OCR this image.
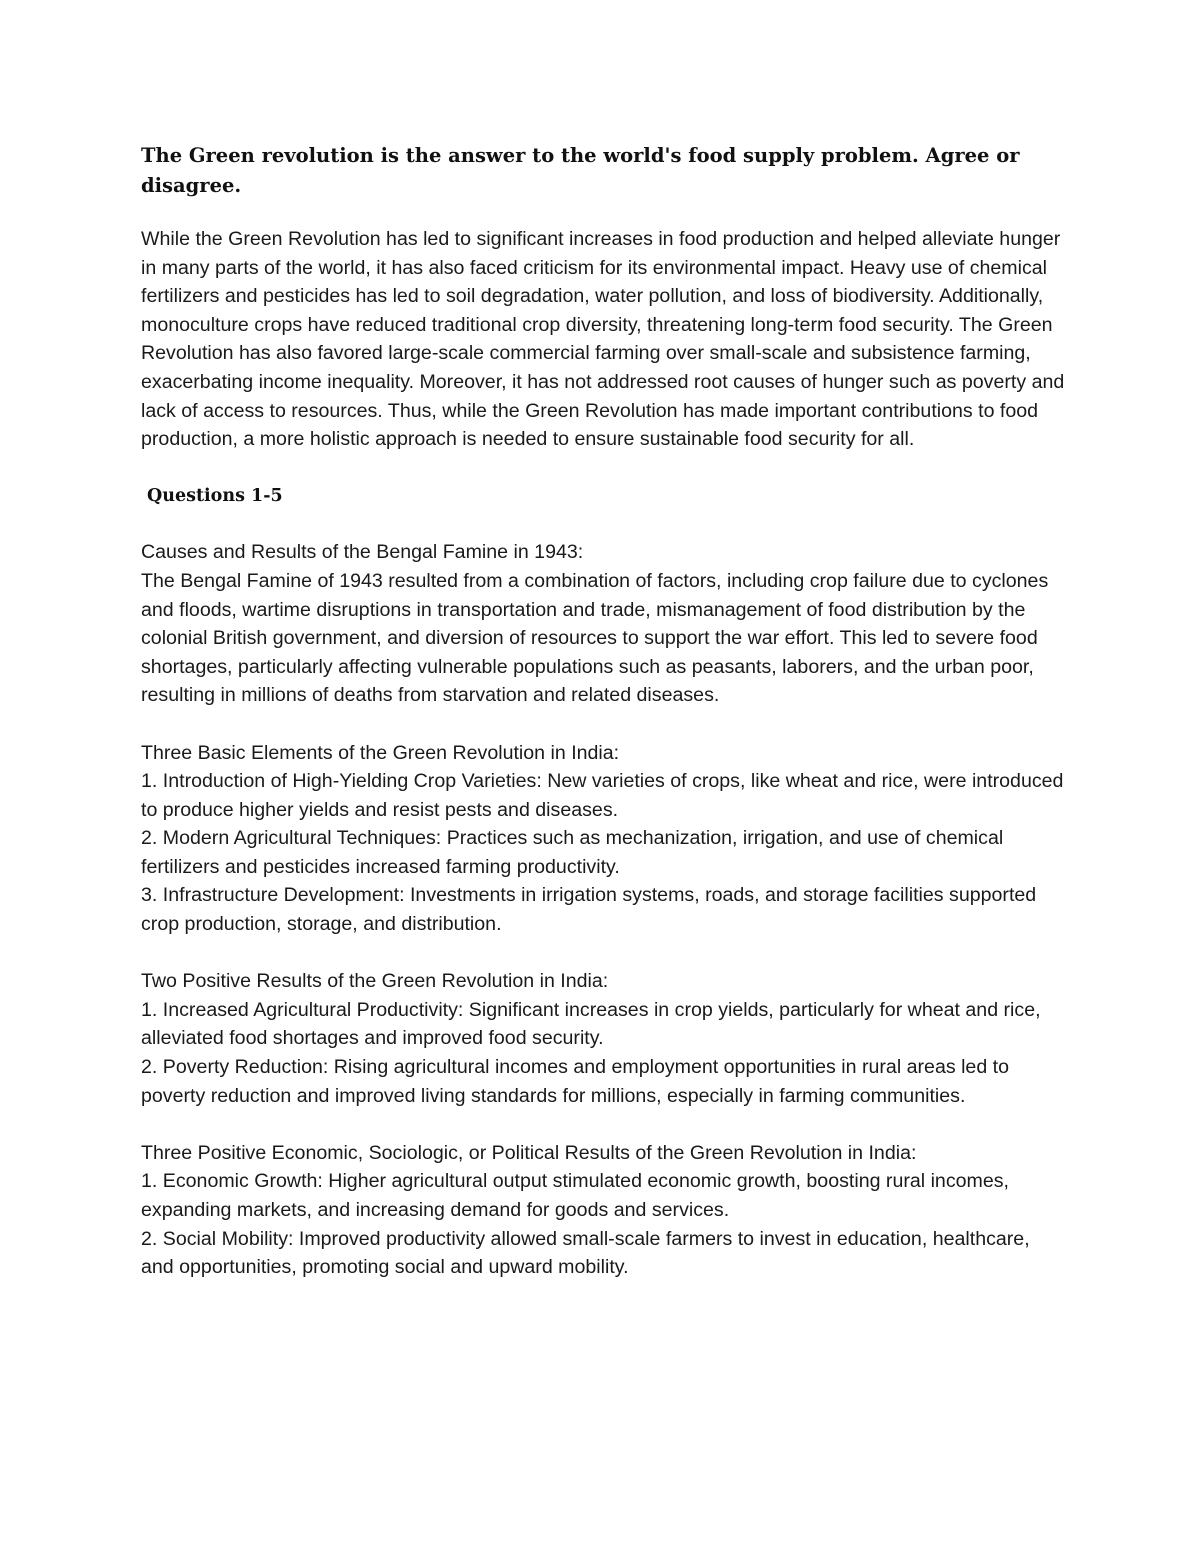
The Green revolution is the answer to the world's food supply problem. Agree or disagree.

While the Green Revolution has led to significant increases in food production and helped alleviate hunger in many parts of the world, it has also faced criticism for its environmental impact. Heavy use of chemical fertilizers and pesticides has led to soil degradation, water pollution, and loss of biodiversity. Additionally, monoculture crops have reduced traditional crop diversity, threatening long-term food security. The Green Revolution has also favored large-scale commercial farming over small-scale and subsistence farming, exacerbating income inequality. Moreover, it has not addressed root causes of hunger such as poverty and lack of access to resources. Thus, while the Green Revolution has made important contributions to food production, a more holistic approach is needed to ensure sustainable food security for all.

Questions 1-5

Causes and Results of the Bengal Famine in 1943:

The Bengal Famine of 1943 resulted from a combination of factors, including crop failure due to cyclones and floods, wartime disruptions in transportation and trade, mismanagement of food distribution by the colonial British government, and diversion of resources to support the war effort. This led to severe food shortages, particularly affecting vulnerable populations such as peasants, laborers, and the urban poor, resulting in millions of deaths from starvation and related diseases.

Three Basic Elements of the Green Revolution in India:

1. Introduction of High-Yielding Crop Varieties: New varieties of crops, like wheat and rice, were introduced to produce higher yields and resist pests and diseases.

2. Modern Agricultural Techniques: Practices such as mechanization, irrigation, and use of chemical fertilizers and pesticides increased farming productivity.

3. Infrastructure Development: Investments in irrigation systems, roads, and storage facilities supported crop production, storage, and distribution.

Two Positive Results of the Green Revolution in India:

1. Increased Agricultural Productivity: Significant increases in crop yields, particularly for wheat and rice, alleviated food shortages and improved food security.

2. Poverty Reduction: Rising agricultural incomes and employment opportunities in rural areas led to poverty reduction and improved living standards for millions, especially in farming communities.

Three Positive Economic, Sociologic, or Political Results of the Green Revolution in India:

1. Economic Growth: Higher agricultural output stimulated economic growth, boosting rural incomes, expanding markets, and increasing demand for goods and services.

2. Social Mobility: Improved productivity allowed small-scale farmers to invest in education, healthcare, and opportunities, promoting social and upward mobility.
